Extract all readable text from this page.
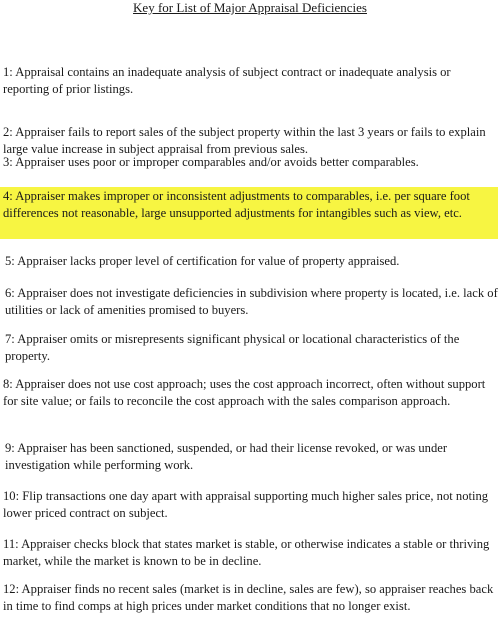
Key for List of Major Appraisal Deficiencies

1: Appraisal contains an inadequate analysis of subject contract or inadequate analysis or reporting of prior listings.

2: Appraiser fails to report sales of the subject property within the last 3 years or fails to explain large value increase in subject appraisal from previous sales.

3: Appraiser uses poor or improper comparables and/or avoids better comparables.

4: Appraiser makes improper or inconsistent adjustments to comparables, i.e. per square foot differences not reasonable, large unsupported adjustments for intangibles such as view, etc.

5: Appraiser lacks proper level of certification for value of property appraised.

6: Appraiser does not investigate deficiencies in subdivision where property is located, i.e. lack of utilities or lack of amenities promised to buyers.

7: Appraiser omits or misrepresents significant physical or locational characteristics of the property.

8: Appraiser does not use cost approach; uses the cost approach incorrect, often without support for site value; or fails to reconcile the cost approach with the sales comparison approach.

9: Appraiser has been sanctioned, suspended, or had their license revoked, or was under investigation while performing work.

10: Flip transactions one day apart with appraisal supporting much higher sales price, not noting lower priced contract on subject.

11: Appraiser checks block that states market is stable, or otherwise indicates a stable or thriving market, while the market is known to be in decline.

12: Appraiser finds no recent sales (market is in decline, sales are few), so appraiser reaches back in time to find comps at high prices under market conditions that no longer exist.
